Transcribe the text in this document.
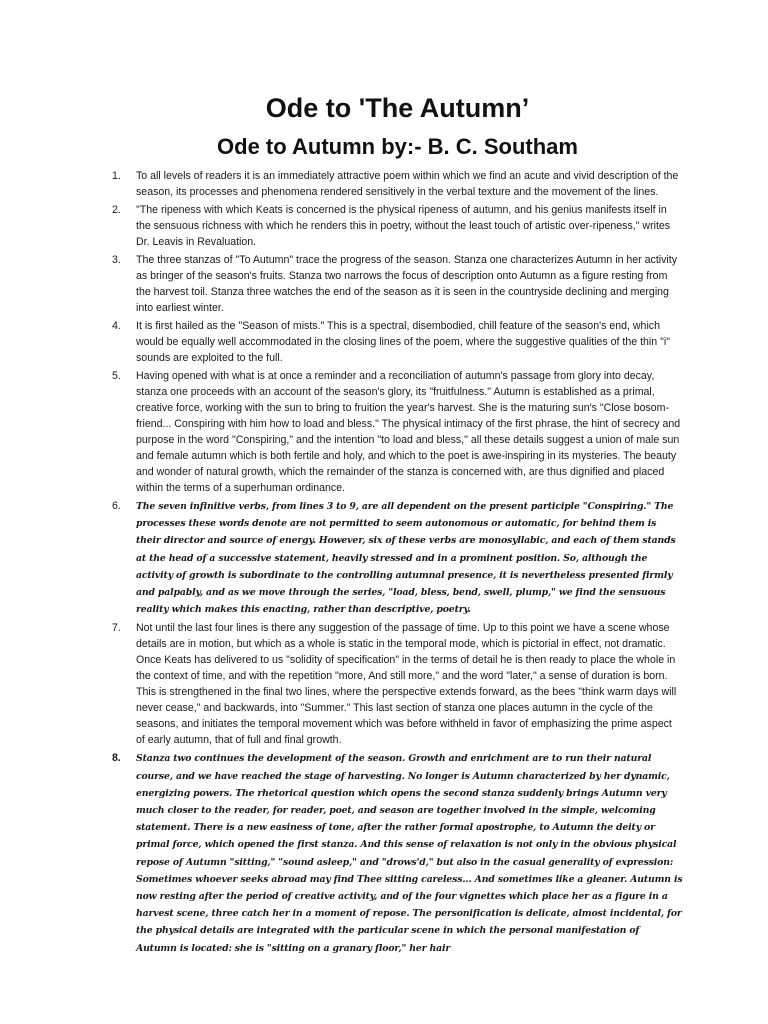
Ode to 'The Autumn’
Ode to Autumn by:- B. C. Southam
1.	To all levels of readers it is an immediately attractive poem within which we find an acute and vivid description of the season, its processes and phenomena rendered sensitively in the verbal texture and the movement of the lines.
2.	"The ripeness with which Keats is concerned is the physical ripeness of autumn, and his genius manifests itself in the sensuous richness with which he renders this in poetry, without the least touch of artistic over-ripeness," writes Dr. Leavis in Revaluation.
3.	The three stanzas of "To Autumn" trace the progress of the season. Stanza one characterizes Autumn in her activity as bringer of the season's fruits. Stanza two narrows the focus of description onto Autumn as a figure resting from the harvest toil. Stanza three watches the end of the season as it is seen in the countryside declining and merging into earliest winter.
4.	It is first hailed as the "Season of mists." This is a spectral, disembodied, chill feature of the season's end, which would be equally well accommodated in the closing lines of the poem, where the suggestive qualities of the thin "i" sounds are exploited to the full.
5.	Having opened with what is at once a reminder and a reconciliation of autumn's passage from glory into decay, stanza one proceeds with an account of the season's glory, its "fruitfulness." Autumn is established as a primal, creative force, working with the sun to bring to fruition the year's harvest. She is the maturing sun's "Close bosom- friend... Conspiring with him how to load and bless." The physical intimacy of the first phrase, the hint of secrecy and purpose in the word "Conspiring," and the intention "to load and bless," all these details suggest a union of male sun and female autumn which is both fertile and holy, and which to the poet is awe-inspiring in its mysteries. The beauty and wonder of natural growth, which the remainder of the stanza is concerned with, are thus dignified and placed within the terms of a superhuman ordinance.
6.	The seven infinitive verbs, from lines 3 to 9, are all dependent on the present participle "Conspiring." The processes these words denote are not permitted to seem autonomous or automatic, for behind them is their director and source of energy. However, six of these verbs are monosyllabic, and each of them stands at the head of a successive statement, heavily stressed and in a prominent position. So, although the activity of growth is subordinate to the controlling autumnal presence, it is nevertheless presented firmly and palpably, and as we move through the series, "load, bless, bend, swell, plump," we find the sensuous reality which makes this enacting, rather than descriptive, poetry.
7.	Not until the last four lines is there any suggestion of the passage of time. Up to this point we have a scene whose details are in motion, but which as a whole is static in the temporal mode, which is pictorial in effect, not dramatic. Once Keats has delivered to us "solidity of specification" in the terms of detail he is then ready to place the whole in the context of time, and with the repetition "more, And still more," and the word "later," a sense of duration is born. This is strengthened in the final two lines, where the perspective extends forward, as the bees "think warm days will never cease," and backwards, into "Summer." This last section of stanza one places autumn in the cycle of the seasons, and initiates the temporal movement which was before withheld in favor of emphasizing the prime aspect of early autumn, that of full and final growth.
8.	Stanza two continues the development of the season. Growth and enrichment are to run their natural course, and we have reached the stage of harvesting. No longer is Autumn characterized by her dynamic, energizing powers. The rhetorical question which opens the second stanza suddenly brings Autumn very much closer to the reader, for reader, poet, and season are together involved in the simple, welcoming statement. There is a new easiness of tone, after the rather formal apostrophe, to Autumn the deity or primal force, which opened the first stanza. And this sense of relaxation is not only in the obvious physical repose of Autumn "sitting," "sound asleep," and "drows'd," but also in the casual generality of expression: Sometimes whoever seeks abroad may find Thee sitting careless... And sometimes like a gleaner. Autumn is now resting after the period of creative activity, and of the four vignettes which place her as a figure in a harvest scene, three catch her in a moment of repose. The personification is delicate, almost incidental, for the physical details are integrated with the particular scene in which the personal manifestation of Autumn is located: she is "sitting on a granary floor," her hair
